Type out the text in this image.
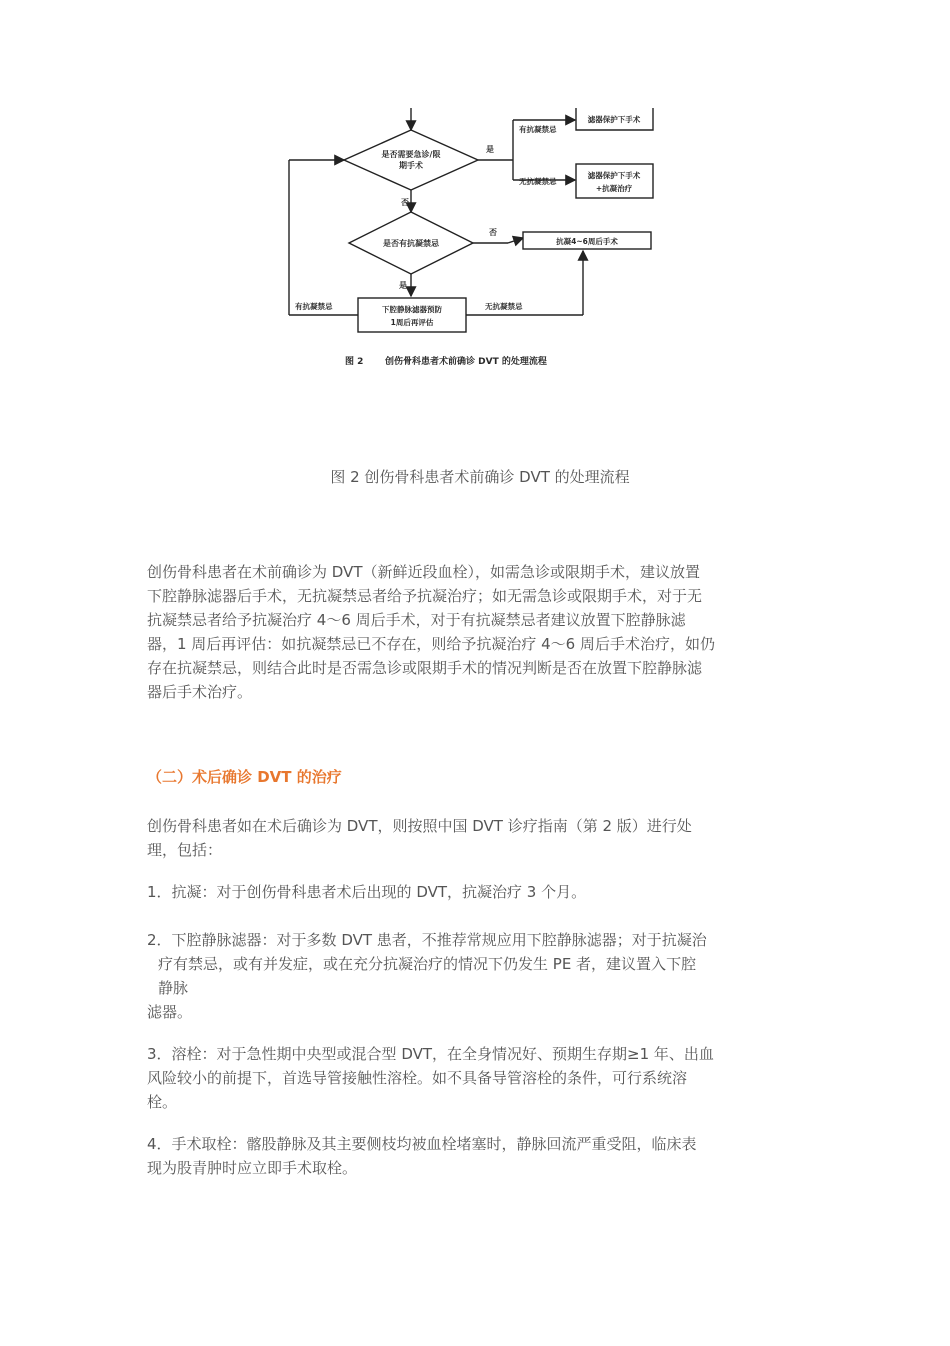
是否需要急诊/限
期手术
是
有抗凝禁忌
无抗凝禁忌
滤器保护下手术
滤器保护下手术
+抗凝治疗
否
是否有抗凝禁忌
否
抗凝4~6周后手术
是
下腔静脉滤器预防
1周后再评估
有抗凝禁忌	无抗凝禁忌
图 2 创伤骨科患者术前确诊 DVT 的处理流程
图 2 创伤骨科患者术前确诊 DVT 的处理流程

创伤骨科患者在术前确诊为 DVT（新鲜近段血栓），如需急诊或限期手术，建议放置

下腔静脉滤器后手术，无抗凝禁忌者给予抗凝治疗；如无需急诊或限期手术，对于无

抗凝禁忌者给予抗凝治疗 4～6 周后手术，对于有抗凝禁忌者建议放置下腔静脉滤

器，1 周后再评估：如抗凝禁忌已不存在，则给予抗凝治疗 4～6 周后手术治疗，如仍

存在抗凝禁忌，则结合此时是否需急诊或限期手术的情况判断是否在放置下腔静脉滤

器后手术治疗。

（二）术后确诊 DVT 的治疗

创伤骨科患者如在术后确诊为 DVT，则按照中国 DVT 诊疗指南（第 2 版）进行处

理，包括：

1．抗凝：对于创伤骨科患者术后出现的 DVT，抗凝治疗 3 个月。

2．下腔静脉滤器：对于多数 DVT 患者，不推荐常规应用下腔静脉滤器；对于抗凝治

疗有禁忌，或有并发症，或在充分抗凝治疗的情况下仍发生 PE 者，建议置入下腔

静脉

滤器。

3．溶栓：对于急性期中央型或混合型 DVT，在全身情况好、预期生存期≥1 年、出血

风险较小的前提下，首选导管接触性溶栓。如不具备导管溶栓的条件，可行系统溶

栓。

4．手术取栓：髂股静脉及其主要侧枝均被血栓堵塞时，静脉回流严重受阻，临床表

现为股青肿时应立即手术取栓。
